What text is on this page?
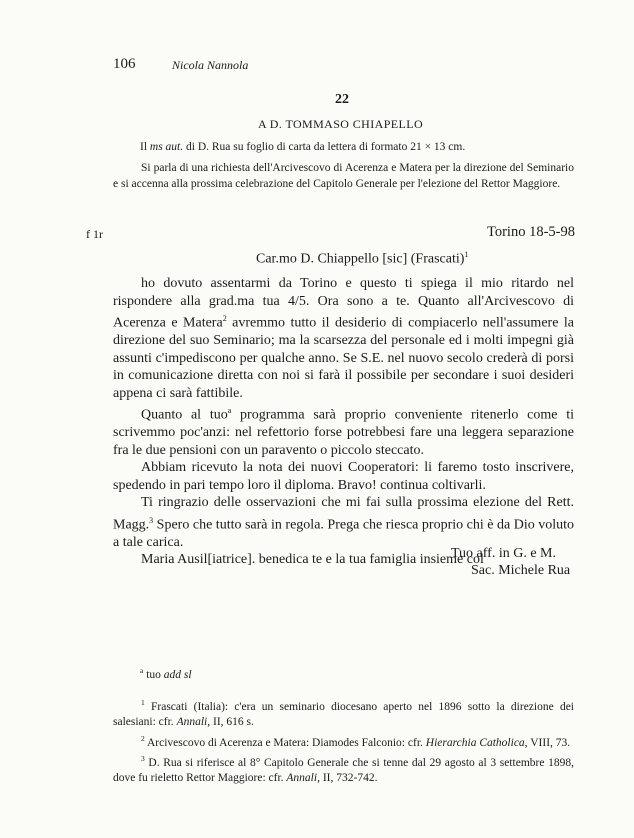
106	Nicola Nannola
22
A D. TOMMASO CHIAPELLO
Il ms aut. di D. Rua su foglio di carta da lettera di formato 21 × 13 cm.
Si parla di una richiesta dell'Arcivescovo di Acerenza e Matera per la direzione del Seminario e si accenna alla prossima celebrazione del Capitolo Generale per l'elezione del Rettor Maggiore.
f 1r	Torino 18-5-98
Car.mo D. Chiappello [sic] (Frascati)$^1$

ho dovuto assentarmi da Torino e questo ti spiega il mio ritardo nel rispondere alla grad.ma tua 4/5. Ora sono a te. Quanto all'Arcivescovo di Acerenza e Matera$^2$ avremmo tutto il desiderio di compiacerlo nell'assumere la direzione del suo Seminario; ma la scarsezza del personale ed i molti impegni già assunti c'impediscono per qualche anno. Se S.E. nel nuovo secolo crederà di porsi in comunicazione diretta con noi si farà il possibile per secondare i suoi desideri appena ci sarà fattibile.

Quanto al tuo$^a$ programma sarà proprio conveniente ritenerlo come ti scrivemmo poc'anzi: nel refettorio forse potrebbesi fare una leggera separazione fra le due pensioni con un paravento o piccolo steccato.

Abbiam ricevuto la nota dei nuovi Cooperatori: li faremo tosto inscrivere, spedendo in pari tempo loro il diploma. Bravo! continua coltivarli.

Ti ringrazio delle osservazioni che mi fai sulla prossima elezione del Rett. Magg.$^3$ Spero che tutto sarà in regola. Prega che riesca proprio chi è da Dio voluto a tale carica.

Maria Ausil[iatrice]. benedica te e la tua famiglia insieme col

Tuo aff. in G. e M.
Sac. Michele Rua
$^a$ tuo add sl

$^1$ Frascati (Italia): c'era un seminario diocesano aperto nel 1896 sotto la direzione dei salesiani: cfr. Annali, II, 616 s.

$^2$ Arcivescovo di Acerenza e Matera: Diamodes Falconio: cfr. Hierarchia Catholica, VIII, 73.

$^3$ D. Rua si riferisce al 8° Capitolo Generale che si tenne dal 29 agosto al 3 settembre 1898, dove fu rieletto Rettor Maggiore: cfr. Annali, II, 732-742.
